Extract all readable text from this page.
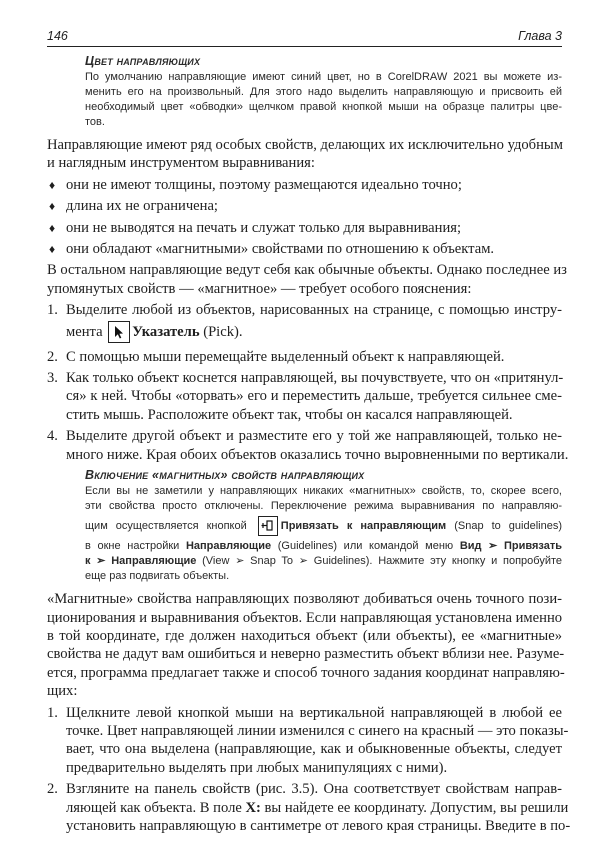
146	Глава 3
Цвет направляющих
По умолчанию направляющие имеют синий цвет, но в CorelDRAW 2021 вы можете из-
менить его на произвольный. Для этого надо выделить направляющую и присвоить ей
необходимый цвет «обводки» щелчком правой кнопкой мыши на образце палитры цве-
тов.
Направляющие имеют ряд особых свойств, делающих их исключительно удобным
и наглядным инструментом выравнивания:
♦ они не имеют толщины, поэтому размещаются идеально точно;
♦ длина их не ограничена;
♦ они не выводятся на печать и служат только для выравнивания;
♦ они обладают «магнитными» свойствами по отношению к объектам.
В остальном направляющие ведут себя как обычные объекты. Однако последнее из
упомянутых свойств — «магнитное» — требует особого пояснения:
1. Выделите любой из объектов, нарисованных на странице, с помощью инстру-
мента
Указатель (Pick).
2. С помощью мыши перемещайте выделенный объект к направляющей.
3. Как только объект коснется направляющей, вы почувствуете, что он «притянул-
ся» к ней. Чтобы «оторвать» его и переместить дальше, требуется сильнее сме-
стить мышь. Расположите объект так, чтобы он касался направляющей.
4. Выделите другой объект и разместите его у той же направляющей, только не-
много ниже. Края обоих объектов оказались точно выровненными по вертикали.
Включение «магнитных» свойств направляющих
Если вы не заметили у направляющих никаких «магнитных» свойств, то, скорее всего,
эти свойства просто отключены. Переключение режима выравнивания по направляю-
щим осуществляется кнопкой
Привязать к направляющим (Snap to guidelines)
в окне настройки Направляющие (Guidelines) или командой меню Вид ➢ Привязать
к ➢ Направляющие (View ➢ Snap To ➢ Guidelines). Нажмите эту кнопку и попробуйте
еще раз подвигать объекты.
«Магнитные» свойства направляющих позволяют добиваться очень точного пози-
ционирования и выравнивания объектов. Если направляющая установлена именно
в той координате, где должен находиться объект (или объекты), ее «магнитные»
свойства не дадут вам ошибиться и неверно разместить объект вблизи нее. Разуме-
ется, программа предлагает также и способ точного задания координат направляю-
щих:
1. Щелкните левой кнопкой мыши на вертикальной направляющей в любой ее
точке. Цвет направляющей линии изменился с синего на красный — это показы-
вает, что она выделена (направляющие, как и обыкновенные объекты, следует
предварительно выделять при любых манипуляциях с ними).
2. Взгляните на панель свойств (рис. 3.5). Она соответствует свойствам направ-
ляющей как объекта. В поле X: вы найдете ее координату. Допустим, вы решили
установить направляющую в сантиметре от левого края страницы. Введите в по-
